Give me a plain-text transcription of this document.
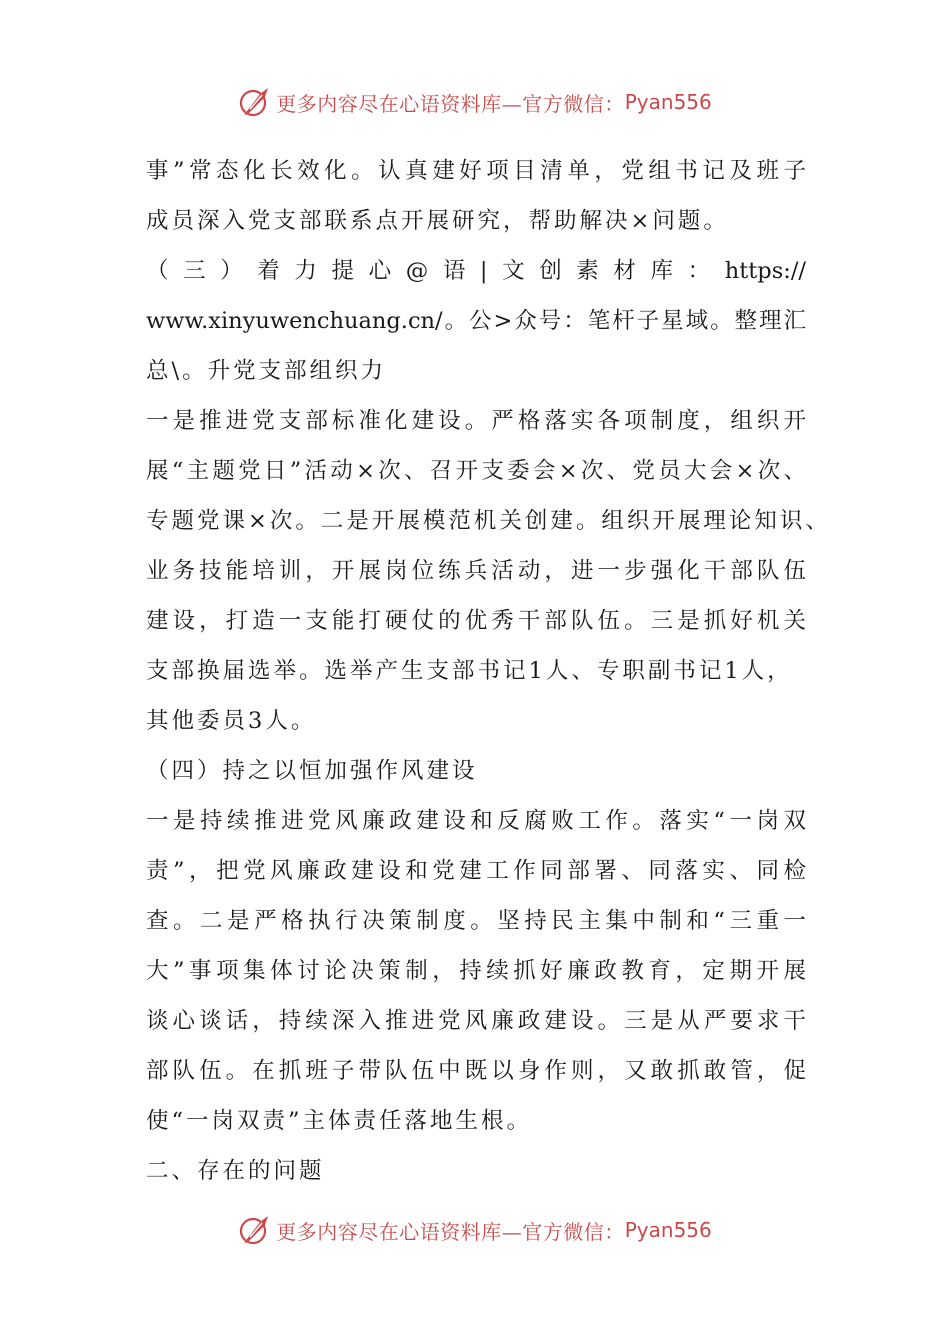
更多内容尽在心语资料库—官方微信： Pyan556
事”常态化长效化。认真建好项目清单，党组书记及班子
成员深入党支部联系点开展研究，帮助解决×问题。
（三）着力提心@语|文创素材库：https://
www.xinyuwenchuang.cn/。公>众号：笔杆子星域。整理汇
总\。升党支部组织力
一是推进党支部标准化建设。严格落实各项制度，组织开
展“主题党日”活动×次、召开支委会×次、党员大会×次、
专题党课×次。二是开展模范机关创建。组织开展理论知识、
业务技能培训，开展岗位练兵活动，进一步强化干部队伍
建设，打造一支能打硬仗的优秀干部队伍。三是抓好机关
支部换届选举。选举产生支部书记1人、专职副书记1人，
其他委员3人。
（四）持之以恒加强作风建设
一是持续推进党风廉政建设和反腐败工作。落实“一岗双
责”，把党风廉政建设和党建工作同部署、同落实、同检
查。二是严格执行决策制度。坚持民主集中制和“三重一
大”事项集体讨论决策制，持续抓好廉政教育，定期开展
谈心谈话，持续深入推进党风廉政建设。三是从严要求干
部队伍。在抓班子带队伍中既以身作则，又敢抓敢管，促
使“一岗双责”主体责任落地生根。
二、存在的问题
更多内容尽在心语资料库—官方微信： Pyan556
